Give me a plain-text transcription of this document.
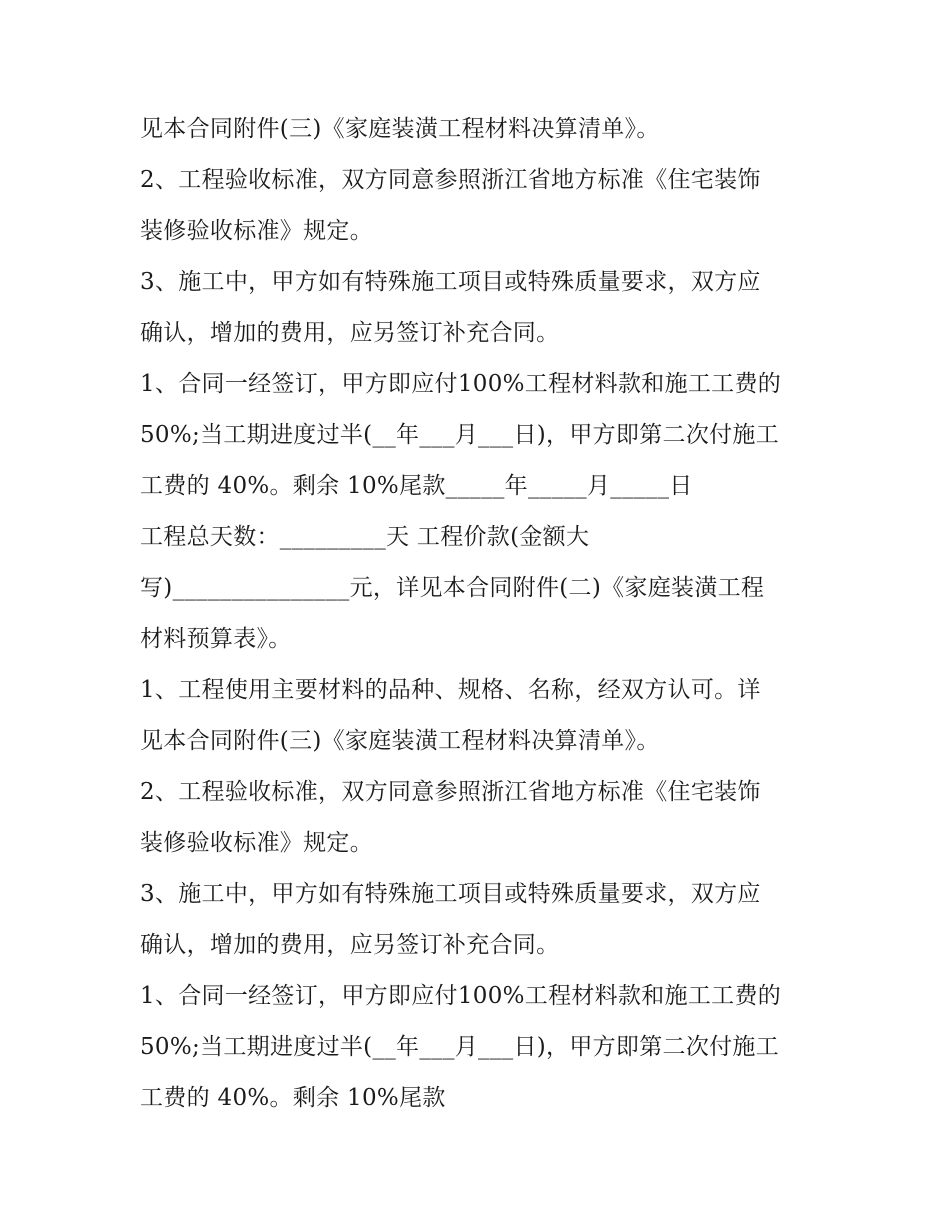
见本合同附件(三)《家庭装潢工程材料决算清单》。
2、工程验收标准，双方同意参照浙江省地方标准《住宅装饰
装修验收标准》规定。
3、施工中，甲方如有特殊施工项目或特殊质量要求，双方应
确认，增加的费用，应另签订补充合同。
1、合同一经签订，甲方即应付100%工程材料款和施工工费的
50%;当工期进度过半(__年___月___日)，甲方即第二次付施工
工费的 40%。剩余 10%尾款_____年_____月_____日
工程总天数：_________天 工程价款(金额大
写)_______________元，详见本合同附件(二)《家庭装潢工程
材料预算表》。
1、工程使用主要材料的品种、规格、名称，经双方认可。详
见本合同附件(三)《家庭装潢工程材料决算清单》。
2、工程验收标准，双方同意参照浙江省地方标准《住宅装饰
装修验收标准》规定。
3、施工中，甲方如有特殊施工项目或特殊质量要求，双方应
确认，增加的费用，应另签订补充合同。
1、合同一经签订，甲方即应付100%工程材料款和施工工费的
50%;当工期进度过半(__年___月___日)，甲方即第二次付施工
工费的 40%。剩余 10%尾款
